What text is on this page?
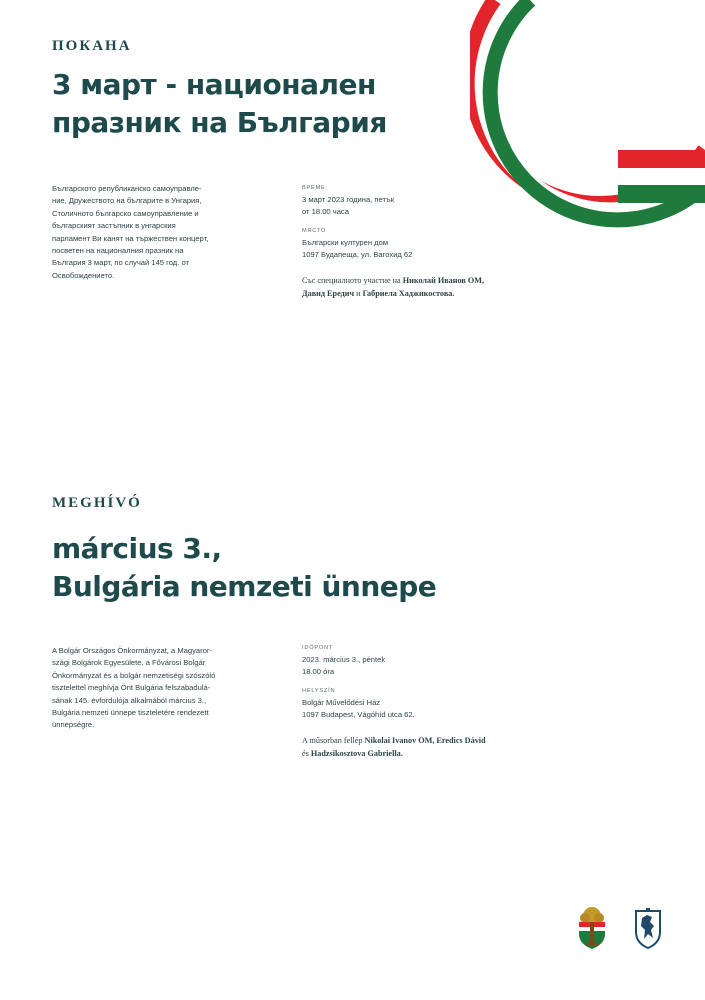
ПОКАНА
3 март - национален
празник на България
Българското републиканско самоуправле-
ние, Дружеството на българите в Унгария,
Столичното българско самоуправление и
българският застъпник в унгарския
парламент Ви канят на тържествен концерт,
посветен на националния празник на
България 3 март, по случай 145 год. от
Освобождението.
ВРЕМЕ
3 март 2023 година, петък
от 18.00 часа
МЯСТО
Български културен дом
1097 Будапеща, ул. Вагохид 62
Със специалното участие на Николай Иванов ОМ,
Давид Ередич и Габриела Хаджикостова.
MEGHÍVÓ
március 3.,
Bulgária nemzeti ünnepe
A Bolgár Országos Önkormányzat, a Magyaror-
szági Bolgárok Egyesülete, a Fővárosi Bolgár
Önkormányzat és a bolgár nemzetiségi szószóló
tisztelettel meghívja Önt Bulgária felszabadulá-
sának 145. évfordulója alkalmából március 3.,
Bulgária nemzeti ünnepe tiszteletére rendezett
ünnepségre.
IDŐPONT
2023. március 3., péntek
18.00 óra
HELYSZÍN
Bolgár Művelődési Ház
1097 Budapest, Vágóhíd utca 62.
A műsorban fellép Nikolai Ivanov OM, Eredics Dávid
és Hadzsikosztova Gabriella.
